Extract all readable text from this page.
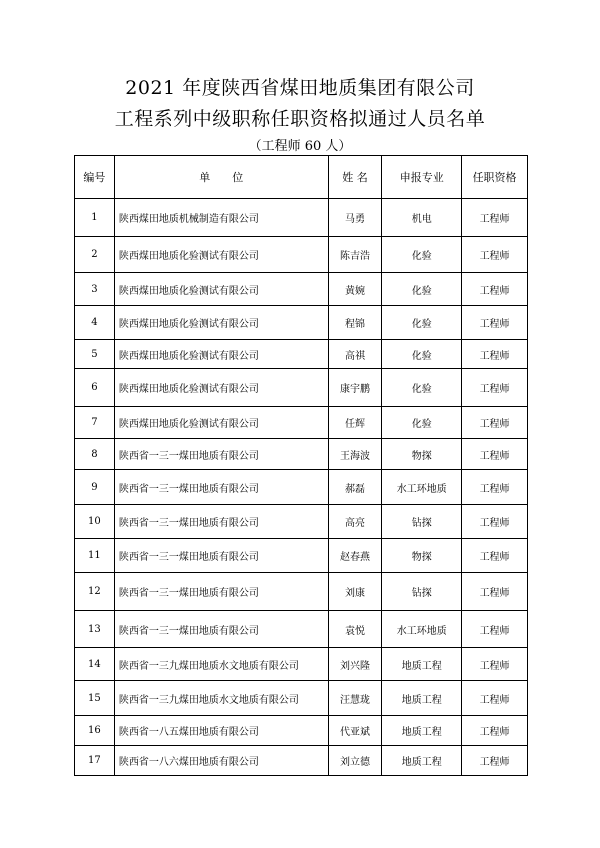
2021 年度陕西省煤田地质集团有限公司
工程系列中级职称任职资格拟通过人员名单
（工程师 60 人）
编号	单　　位	姓 名	申报专业	任职资格
1	陕西煤田地质机械制造有限公司	马勇	机电	工程师
2	陕西煤田地质化验测试有限公司	陈吉浩	化验	工程师
3	陕西煤田地质化验测试有限公司	黄婉	化验	工程师
4	陕西煤田地质化验测试有限公司	程锦	化验	工程师
5	陕西煤田地质化验测试有限公司	高祺	化验	工程师
6	陕西煤田地质化验测试有限公司	康宇鹏	化验	工程师
7	陕西煤田地质化验测试有限公司	任辉	化验	工程师
8	陕西省一三一煤田地质有限公司	王海波	物探	工程师
9	陕西省一三一煤田地质有限公司	郝磊	水工环地质	工程师
10	陕西省一三一煤田地质有限公司	高亮	钻探	工程师
11	陕西省一三一煤田地质有限公司	赵春燕	物探	工程师
12	陕西省一三一煤田地质有限公司	刘康	钻探	工程师
13	陕西省一三一煤田地质有限公司	袁悦	水工环地质	工程师
14	陕西省一三九煤田地质水文地质有限公司	刘兴隆	地质工程	工程师
15	陕西省一三九煤田地质水文地质有限公司	汪慧珑	地质工程	工程师
16	陕西省一八五煤田地质有限公司	代亚斌	地质工程	工程师
17	陕西省一八六煤田地质有限公司	刘立德	地质工程	工程师
